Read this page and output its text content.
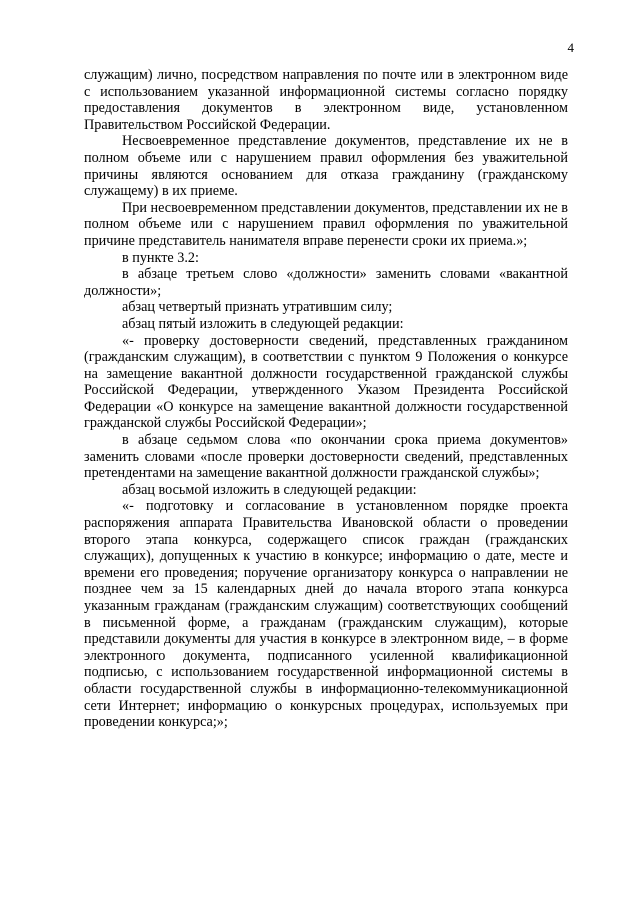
4

служащим) лично, посредством направления по почте или в электронном виде с использованием указанной информационной системы согласно порядку предоставления документов в электронном виде, установленном Правительством Российской Федерации.

Несвоевременное представление документов, представление их не в полном объеме или с нарушением правил оформления без уважительной причины являются основанием для отказа гражданину (гражданскому служащему) в их приеме.

При несвоевременном представлении документов, представлении их не в полном объеме или с нарушением правил оформления по уважительной причине представитель нанимателя вправе перенести сроки их приема.»;

в пункте 3.2:

в абзаце третьем слово «должности» заменить словами «вакантной должности»;

абзац четвертый признать утратившим силу;

абзац пятый изложить в следующей редакции:

«- проверку достоверности сведений, представленных гражданином (гражданским служащим), в соответствии с пунктом 9 Положения о конкурсе на замещение вакантной должности государственной гражданской службы Российской Федерации, утвержденного Указом Президента Российской Федерации «О конкурсе на замещение вакантной должности государственной гражданской службы Российской Федерации»;

в абзаце седьмом слова «по окончании срока приема документов» заменить словами «после проверки достоверности сведений, представленных претендентами на замещение вакантной должности гражданской службы»;

абзац восьмой изложить в следующей редакции:

«- подготовку и согласование в установленном порядке проекта распоряжения аппарата Правительства Ивановской области о проведении второго этапа конкурса, содержащего список граждан (гражданских служащих), допущенных к участию в конкурсе; информацию о дате, месте и времени его проведения; поручение организатору конкурса о направлении не позднее чем за 15 календарных дней до начала второго этапа конкурса указанным гражданам (гражданским служащим) соответствующих сообщений в письменной форме, а гражданам (гражданским служащим), которые представили документы для участия в конкурсе в электронном виде, – в форме электронного документа, подписанного усиленной квалификационной подписью, с использованием государственной информационной системы в области государственной службы в информационно-телекоммуникационной сети Интернет; информацию о конкурсных процедурах, используемых при проведении конкурса;»;
